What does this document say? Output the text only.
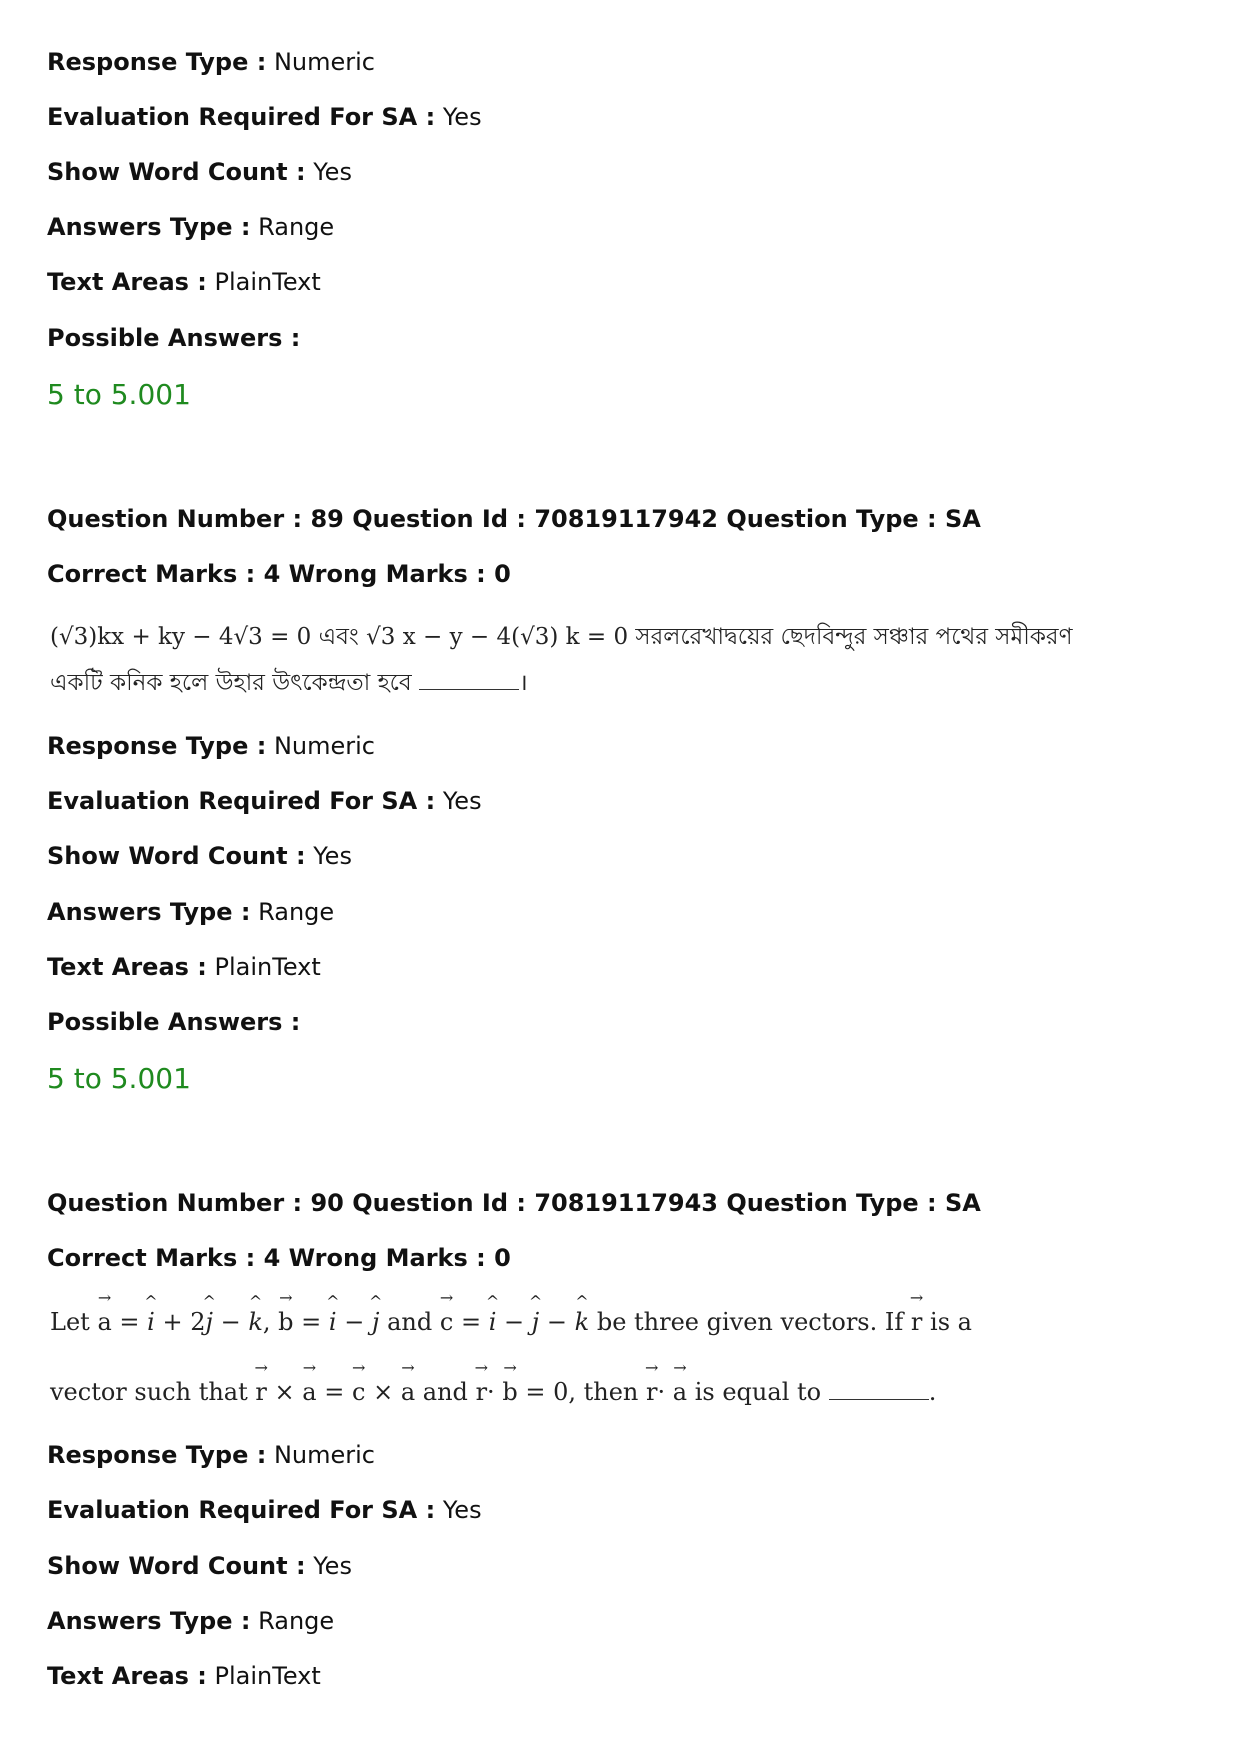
Response Type : Numeric
Evaluation Required For SA : Yes
Show Word Count : Yes
Answers Type : Range
Text Areas : PlainText
Possible Answers :
5 to 5.001
Question Number : 89 Question Id : 70819117942 Question Type : SA
Correct Marks : 4 Wrong Marks : 0
(√3)kx + ky − 4√3 = 0 এবং √3 x − y − 4(√3) k = 0 সরলরেখাদ্বয়ের ছেদবিন্দুর সঞ্চার পথের সমীকরণ
একটি কনিক হলে উহার উৎকেন্দ্রতা হবে	।
Response Type : Numeric
Evaluation Required For SA : Yes
Show Word Count : Yes
Answers Type : Range
Text Areas : PlainText
Possible Answers :
5 to 5.001
Question Number : 90 Question Id : 70819117943 Question Type : SA
Correct Marks : 4 Wrong Marks : 0
Let → a = ^ i + 2^ j − ^ k, → b = ^ i − ^ j and → c = ^ i − ^ j − ^ k be three given vectors. If → r is a
vector such that → r × → a = → c × → a and → r· → b = 0, then → r· → a is equal to	.
Response Type : Numeric
Evaluation Required For SA : Yes
Show Word Count : Yes
Answers Type : Range
Text Areas : PlainText
